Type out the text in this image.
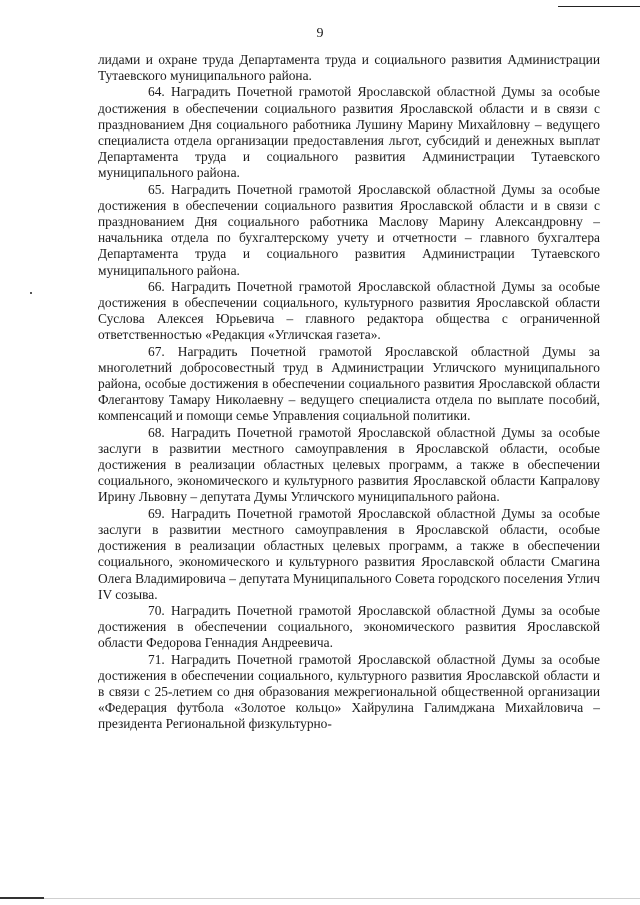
9

лидами и охране труда Департамента труда и социального развития Администрации Тутаевского муниципального района.

64. Наградить Почетной грамотой Ярославской областной Думы за особые достижения в обеспечении социального развития Ярославской области и в связи с празднованием Дня социального работника Лушину Марину Михайловну – ведущего специалиста отдела организации предоставления льгот, субсидий и денежных выплат Департамента труда и социального развития Администрации Тутаевского муниципального района.

65. Наградить Почетной грамотой Ярославской областной Думы за особые достижения в обеспечении социального развития Ярославской области и в связи с празднованием Дня социального работника Маслову Марину Александровну – начальника отдела по бухгалтерскому учету и отчетности – главного бухгалтера Департамента труда и социального развития Администрации Тутаевского муниципального района.

66. Наградить Почетной грамотой Ярославской областной Думы за особые достижения в обеспечении социального, культурного развития Ярославской области Суслова Алексея Юрьевича – главного редактора общества с ограниченной ответственностью «Редакция «Угличская газета».

67. Наградить Почетной грамотой Ярославской областной Думы за многолетний добросовестный труд в Администрации Угличского муниципального района, особые достижения в обеспечении социального развития Ярославской области Флегантову Тамару Николаевну – ведущего специалиста отдела по выплате пособий, компенсаций и помощи семье Управления социальной политики.

68. Наградить Почетной грамотой Ярославской областной Думы за особые заслуги в развитии местного самоуправления в Ярославской области, особые достижения в реализации областных целевых программ, а также в обеспечении социального, экономического и культурного развития Ярославской области Капралову Ирину Львовну – депутата Думы Угличского муниципального района.

69. Наградить Почетной грамотой Ярославской областной Думы за особые заслуги в развитии местного самоуправления в Ярославской области, особые достижения в реализации областных целевых программ, а также в обеспечении социального, экономического и культурного развития Ярославской области Смагина Олега Владимировича – депутата Муниципального Совета городского поселения Углич IV созыва.

70. Наградить Почетной грамотой Ярославской областной Думы за особые достижения в обеспечении социального, экономического развития Ярославской области Федорова Геннадия Андреевича.

71. Наградить Почетной грамотой Ярославской областной Думы за особые достижения в обеспечении социального, культурного развития Ярославской области и в связи с 25-летием со дня образования межрегиональной общественной организации «Федерация футбола «Золотое кольцо» Хайрулина Галимджана Михайловича – президента Региональной физкультурно-
